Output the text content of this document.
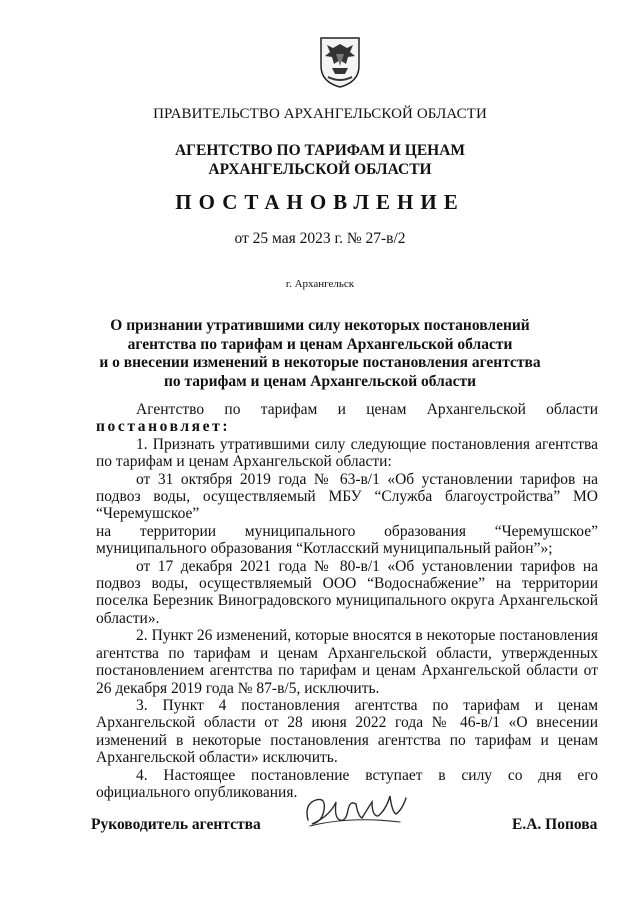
ПРАВИТЕЛЬСТВО АРХАНГЕЛЬСКОЙ ОБЛАСТИ
АГЕНТСТВО ПО ТАРИФАМ И ЦЕНАМ
АРХАНГЕЛЬСКОЙ ОБЛАСТИ
ПОСТАНОВЛЕНИЕ
от 25 мая 2023 г. № 27-в/2
г. Архангельск
О признании утратившими силу некоторых постановлений
агентства по тарифам и ценам Архангельской области
и о внесении изменений в некоторые постановления агентства
по тарифам и ценам Архангельской области

Агентство по тарифам и ценам Архангельской области

постановляет:

1. Признать утратившими силу следующие постановления агентства по тарифам и ценам Архангельской области:

от 31 октября 2019 года № 63-в/1 «Об установлении тарифов на подвоз воды, осуществляемый МБУ “Служба благоустройства” МО “Черемушское”

на территории муниципального образования “Черемушское”

муниципального образования “Котласский муниципальный район”»;

от 17 декабря 2021 года № 80-в/1 «Об установлении тарифов на подвоз воды, осуществляемый ООО “Водоснабжение” на территории поселка Березник Виноградовского муниципального округа Архангельской области».

2. Пункт 26 изменений, которые вносятся в некоторые постановления агентства по тарифам и ценам Архангельской области, утвержденных постановлением агентства по тарифам и ценам Архангельской области от 26 декабря 2019 года № 87-в/5, исключить.

3. Пункт 4 постановления агентства по тарифам и ценам Архангельской области от 28 июня 2022 года № 46-в/1 «О внесении изменений в некоторые постановления агентства по тарифам и ценам Архангельской области» исключить.

4. Настоящее постановление вступает в силу со дня его официального опубликования.

Руководитель агентства	Е.А. Попова
